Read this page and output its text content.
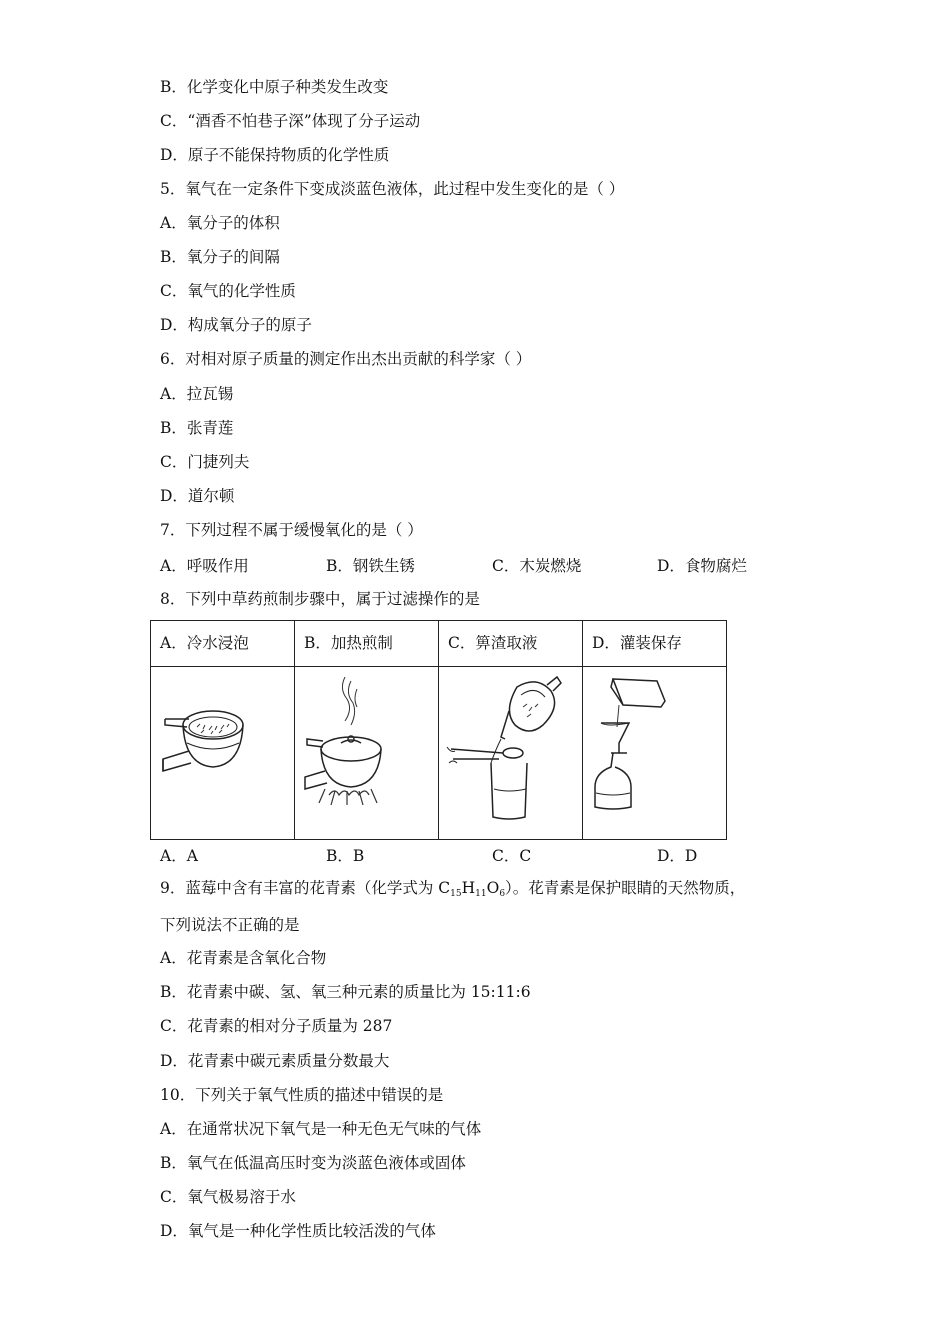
B．化学变化中原子种类发生改变
C．“酒香不怕巷子深”体现了分子运动
D．原子不能保持物质的化学性质
5．氧气在一定条件下变成淡蓝色液体，此过程中发生变化的是（ ）
A．氧分子的体积
B．氧分子的间隔
C．氧气的化学性质
D．构成氧分子的原子
6．对相对原子质量的测定作出杰出贡献的科学家（ ）
A．拉瓦锡
B．张青莲
C．门捷列夫
D．道尔顿
7．下列过程不属于缓慢氧化的是（ ）
A．呼吸作用	B．钢铁生锈	C．木炭燃烧	D．食物腐烂
8．下列中草药煎制步骤中，属于过滤操作的是
A．冷水浸泡	B．加热煎制	C．箅渣取液	D．灌装保存

A．A	B．B	C．C	D．D
9．蓝莓中含有丰富的花青素（化学式为 $C_{15}H_{11}O_6$）。花青素是保护眼睛的天然物质，
下列说法不正确的是
A．花青素是含氧化合物
B．花青素中碳、氢、氧三种元素的质量比为 15:11:6
C．花青素的相对分子质量为 287
D．花青素中碳元素质量分数最大
10．下列关于氧气性质的描述中错误的是
A．在通常状况下氧气是一种无色无气味的气体
B．氧气在低温高压时变为淡蓝色液体或固体
C．氧气极易溶于水
D．氧气是一种化学性质比较活泼的气体
